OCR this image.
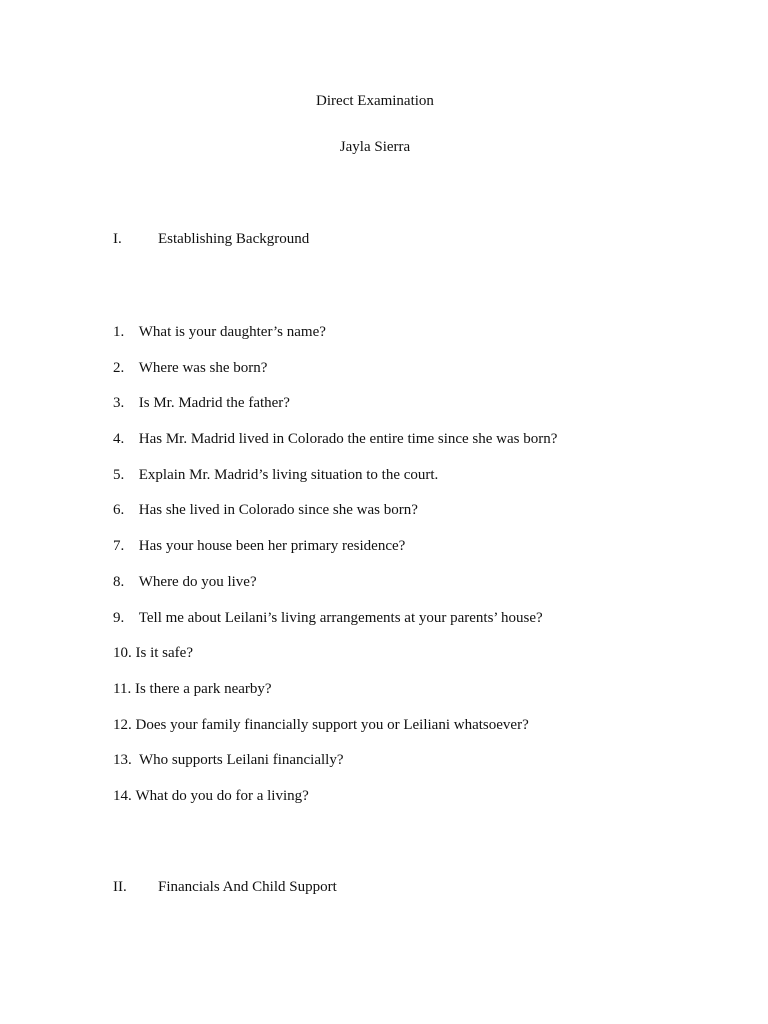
Direct Examination
Jayla Sierra
I. Establishing Background
1. What is your daughter’s name?
2. Where was she born?
3. Is Mr. Madrid the father?
4. Has Mr. Madrid lived in Colorado the entire time since she was born?
5. Explain Mr. Madrid’s living situation to the court.
6. Has she lived in Colorado since she was born?
7. Has your house been her primary residence?
8. Where do you live?
9. Tell me about Leilani’s living arrangements at your parents’ house?
10. Is it safe?
11. Is there a park nearby?
12. Does your family financially support you or Leiliani whatsoever?
13.  Who supports Leilani financially?
14. What do you do for a living?
II. Financials And Child Support
